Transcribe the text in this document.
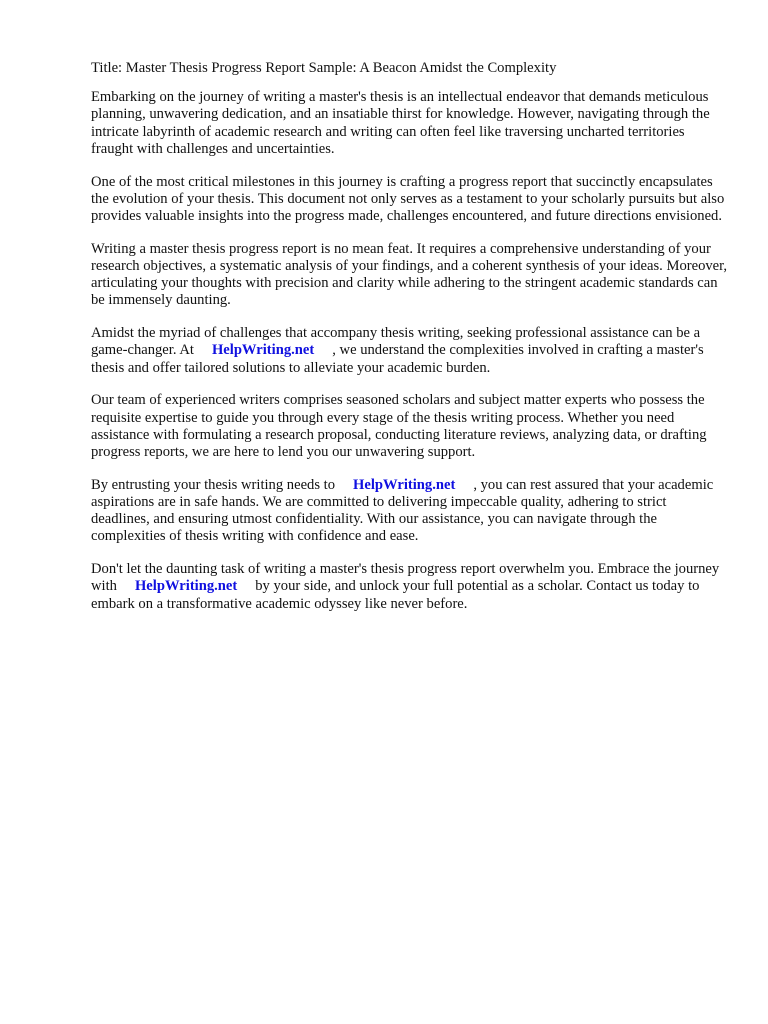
Title: Master Thesis Progress Report Sample: A Beacon Amidst the Complexity

Embarking on the journey of writing a master's thesis is an intellectual endeavor that demands meticulous planning, unwavering dedication, and an insatiable thirst for knowledge. However, navigating through the intricate labyrinth of academic research and writing can often feel like traversing uncharted territories fraught with challenges and uncertainties.

One of the most critical milestones in this journey is crafting a progress report that succinctly encapsulates the evolution of your thesis. This document not only serves as a testament to your scholarly pursuits but also provides valuable insights into the progress made, challenges encountered, and future directions envisioned.

Writing a master thesis progress report is no mean feat. It requires a comprehensive understanding of your research objectives, a systematic analysis of your findings, and a coherent synthesis of your ideas. Moreover, articulating your thoughts with precision and clarity while adhering to the stringent academic standards can be immensely daunting.

Amidst the myriad of challenges that accompany thesis writing, seeking professional assistance can be a game-changer. At HelpWriting.net , we understand the complexities involved in crafting a master's thesis and offer tailored solutions to alleviate your academic burden.

Our team of experienced writers comprises seasoned scholars and subject matter experts who possess the requisite expertise to guide you through every stage of the thesis writing process. Whether you need assistance with formulating a research proposal, conducting literature reviews, analyzing data, or drafting progress reports, we are here to lend you our unwavering support.

By entrusting your thesis writing needs to HelpWriting.net , you can rest assured that your academic aspirations are in safe hands. We are committed to delivering impeccable quality, adhering to strict deadlines, and ensuring utmost confidentiality. With our assistance, you can navigate through the complexities of thesis writing with confidence and ease.

Don't let the daunting task of writing a master's thesis progress report overwhelm you. Embrace the journey with HelpWriting.net by your side, and unlock your full potential as a scholar. Contact us today to embark on a transformative academic odyssey like never before.
